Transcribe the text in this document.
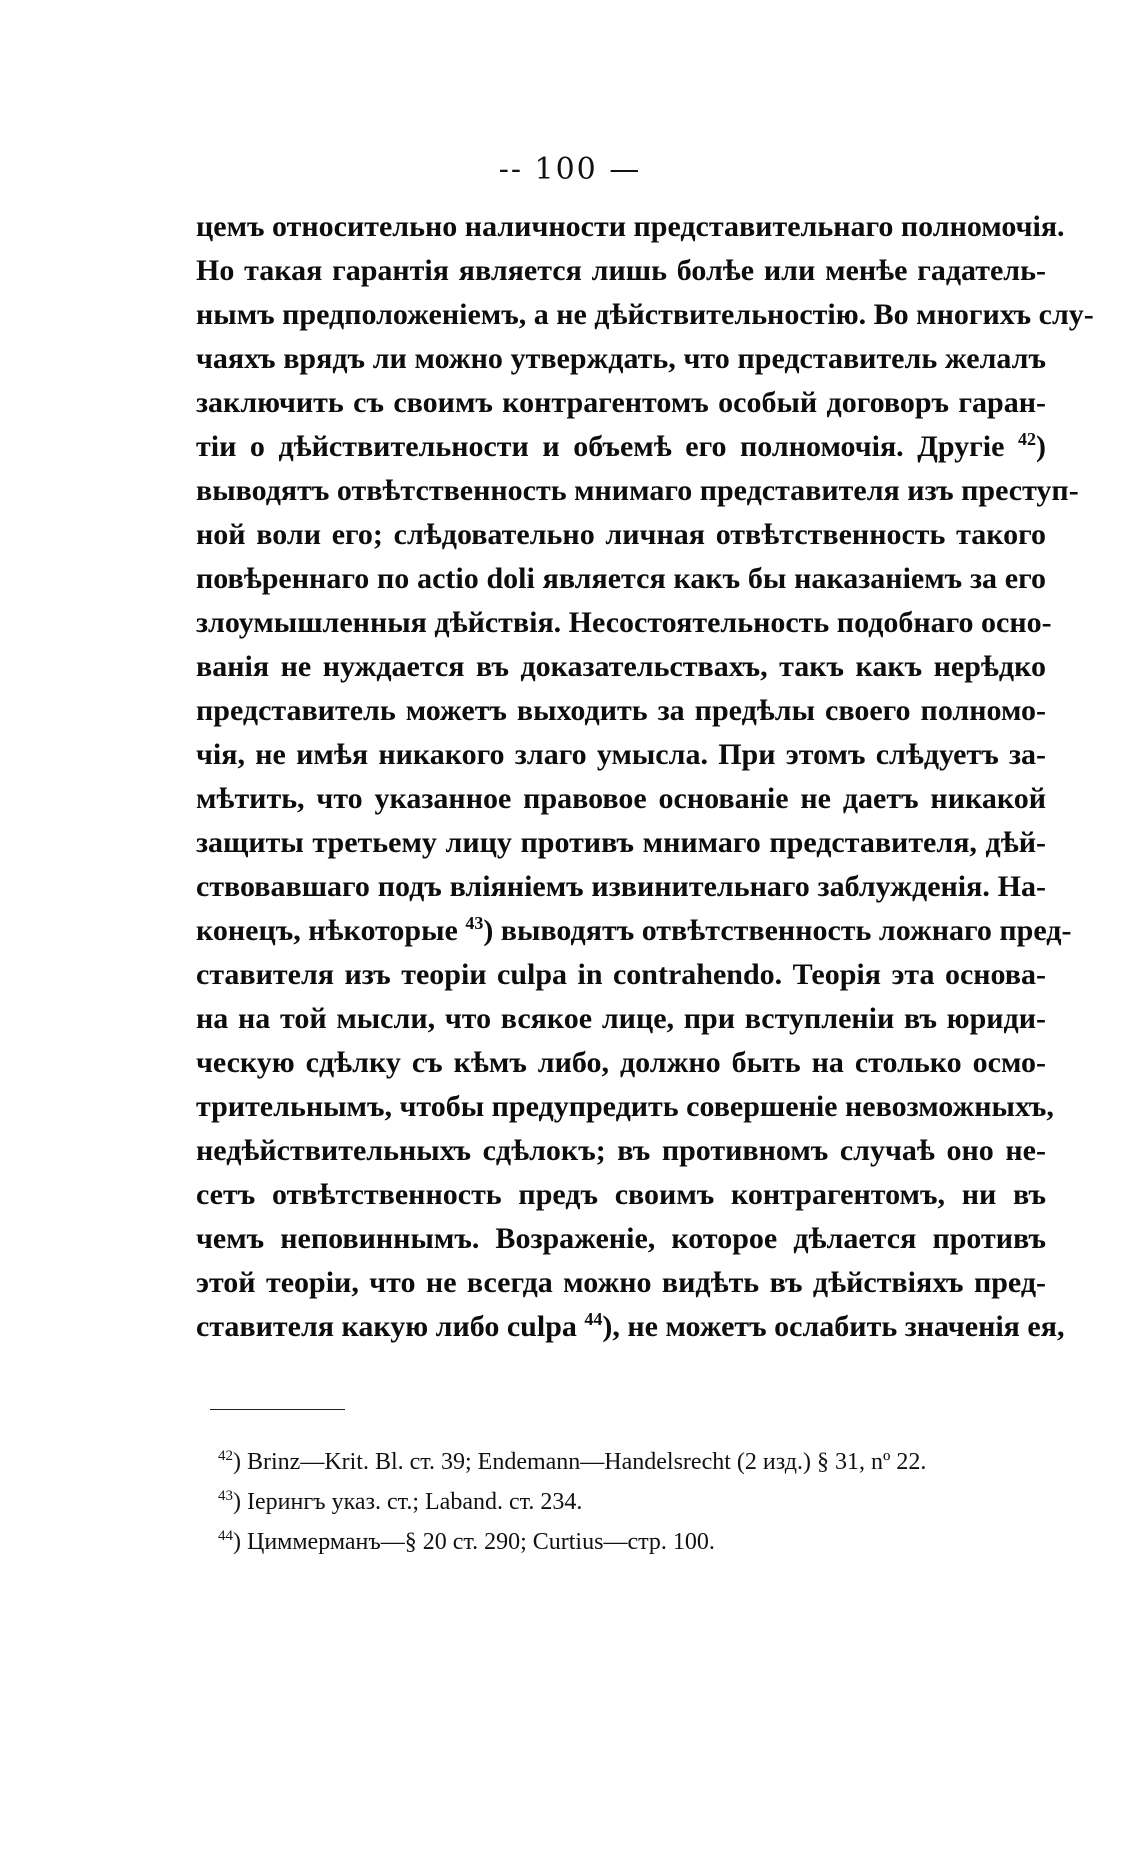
-- 100 —
цемъ относительно наличности представительнаго полномочія.
Но такая гарантія является лишь болѣе или менѣе гадатель-
нымъ предположеніемъ, а не дѣйствительностію. Во многихъ слу-
чаяхъ врядъ ли можно утверждать, что представитель желалъ
заключить съ своимъ контрагентомъ особый договоръ гаран-
тіи о дѣйствительности и объемѣ его полномочія. Другіе $^{42}$)
выводятъ отвѣтственность мнимаго представителя изъ преступ-
ной воли его; слѣдовательно личная отвѣтственность такого
повѣреннаго по actio doli является какъ бы наказаніемъ за его
злоумышленныя дѣйствія. Несостоятельность подобнаго осно-
ванія не нуждается въ доказательствахъ, такъ какъ нерѣдко
представитель можетъ выходить за предѣлы своего полномо-
чія, не имѣя никакого злаго умысла. При этомъ слѣдуетъ за-
мѣтить, что указанное правовое основаніе не даетъ никакой
защиты третьему лицу противъ мнимаго представителя, дѣй-
ствовавшаго подъ вліяніемъ извинительнаго заблужденія. На-
конецъ, нѣкоторые $^{43}$) выводятъ отвѣтственность ложнаго пред-
ставителя изъ теоріи culpa in contrahendo. Теорія эта основа-
на на той мысли, что всякое лице, при вступленіи въ юриди-
ческую сдѣлку съ кѣмъ либо, должно быть на столько осмо-
трительнымъ, чтобы предупредить совершеніе невозможныхъ,
недѣйствительныхъ сдѣлокъ; въ противномъ случаѣ оно не-
сетъ отвѣтственность предъ своимъ контрагентомъ, ни въ
чемъ неповиннымъ. Возраженіе, которое дѣлается противъ
этой теоріи, что не всегда можно видѣть въ дѣйствіяхъ пред-
ставителя какую либо culpa $^{44}$), не можетъ ослабить значенія ея,
$^{42}$) Brinz—Krit. Bl. ст. 39; Endemann—Handelsrecht (2 изд.) § 31, nº 22.
$^{43}$) Іерингъ указ. ст.; Laband. ст. 234.
$^{44}$) Циммерманъ—§ 20 ст. 290; Curtius—стр. 100.
